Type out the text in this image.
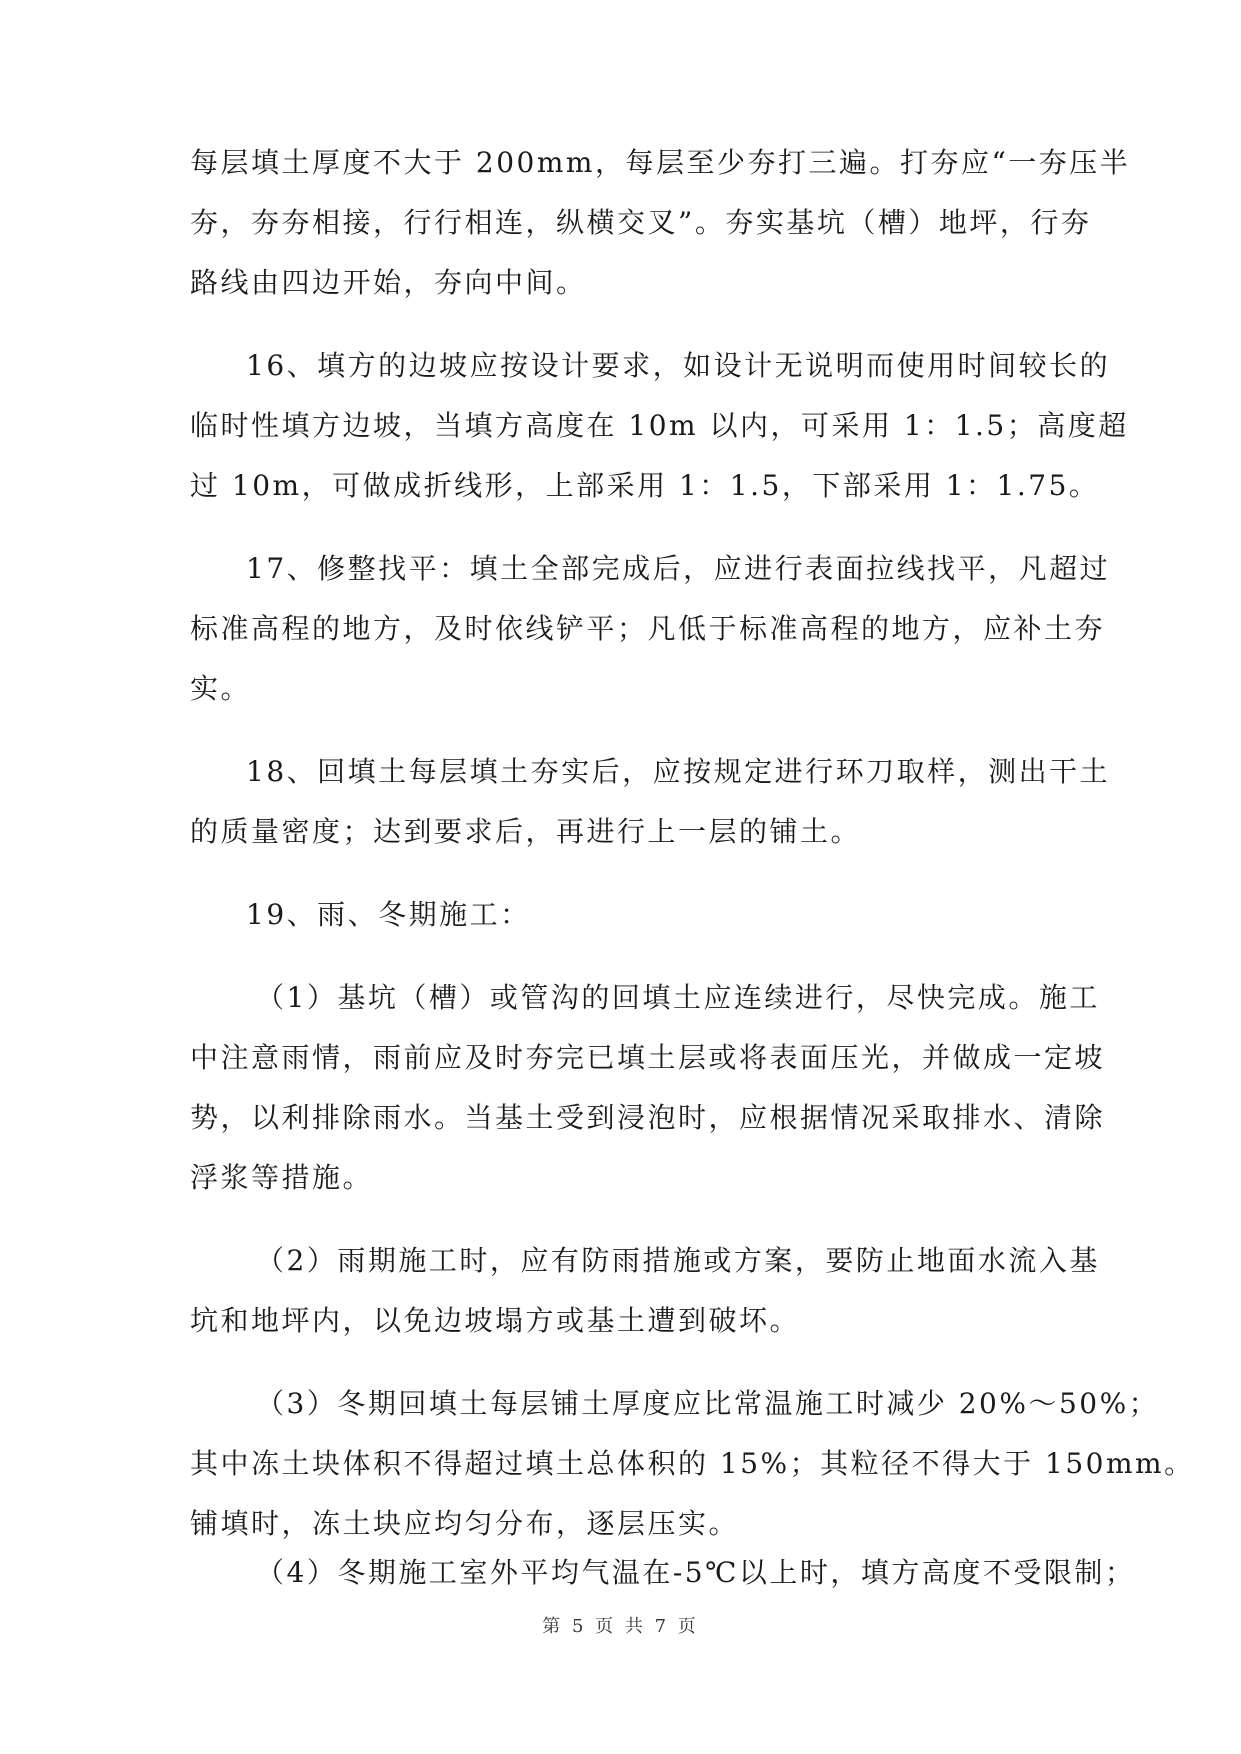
每层填土厚度不大于 200mm，每层至少夯打三遍。打夯应“一夯压半
夯，夯夯相接，行行相连，纵横交叉”。夯实基坑（槽）地坪，行夯
路线由四边开始，夯向中间。
16、填方的边坡应按设计要求，如设计无说明而使用时间较长的
临时性填方边坡，当填方高度在 10m 以内，可采用 1：1.5；高度超
过 10m，可做成折线形，上部采用 1：1.5，下部采用 1：1.75。
17、修整找平：填土全部完成后，应进行表面拉线找平，凡超过
标准高程的地方，及时依线铲平；凡低于标准高程的地方，应补土夯
实。
18、回填土每层填土夯实后，应按规定进行环刀取样，测出干土
的质量密度；达到要求后，再进行上一层的铺土。
19、雨、冬期施工：
（1）基坑（槽）或管沟的回填土应连续进行，尽快完成。施工
中注意雨情，雨前应及时夯完已填土层或将表面压光，并做成一定坡
势，以利排除雨水。当基土受到浸泡时，应根据情况采取排水、清除
浮浆等措施。
（2）雨期施工时，应有防雨措施或方案，要防止地面水流入基
坑和地坪内，以免边坡塌方或基土遭到破坏。
（3）冬期回填土每层铺土厚度应比常温施工时减少 20%～50%；
其中冻土块体积不得超过填土总体积的 15%；其粒径不得大于 150mm。
铺填时，冻土块应均匀分布，逐层压实。
（4）冬期施工室外平均气温在-5℃以上时，填方高度不受限制；
第 5 页 共 7 页
